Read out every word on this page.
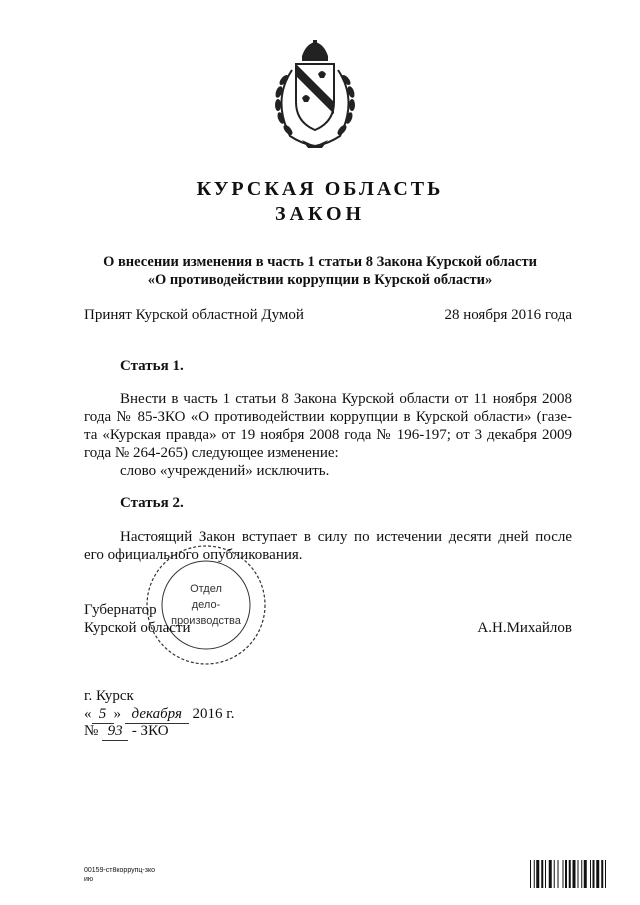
КУРСКАЯ ОБЛАСТЬ
ЗАКОН
О внесении изменения в часть 1 статьи 8 Закона Курской области
«О противодействии коррупции в Курской области»
Принят Курской областной Думой	28 ноября 2016 года
Статья 1.
Внести в часть 1 статьи 8 Закона Курской области от 11 ноября 2008
года № 85-ЗКО «О противодействии коррупции в Курской области» (газе-
та «Курская правда» от 19 ноября 2008 года № 196-197; от 3 декабря 2009
года № 264-265) следующее изменение:
слово «учреждений» исключить.
Статья 2.
Настоящий Закон вступает в силу по истечении десяти дней после
его официального опубликования.
Отдел
дело-
производства
Губернатор
Курской области	А.Н.Михайлов
г. Курск
« 5 » декабря 2016 г.
№ 93 - ЗКО
00159-ст8коррупц-зко
ию
